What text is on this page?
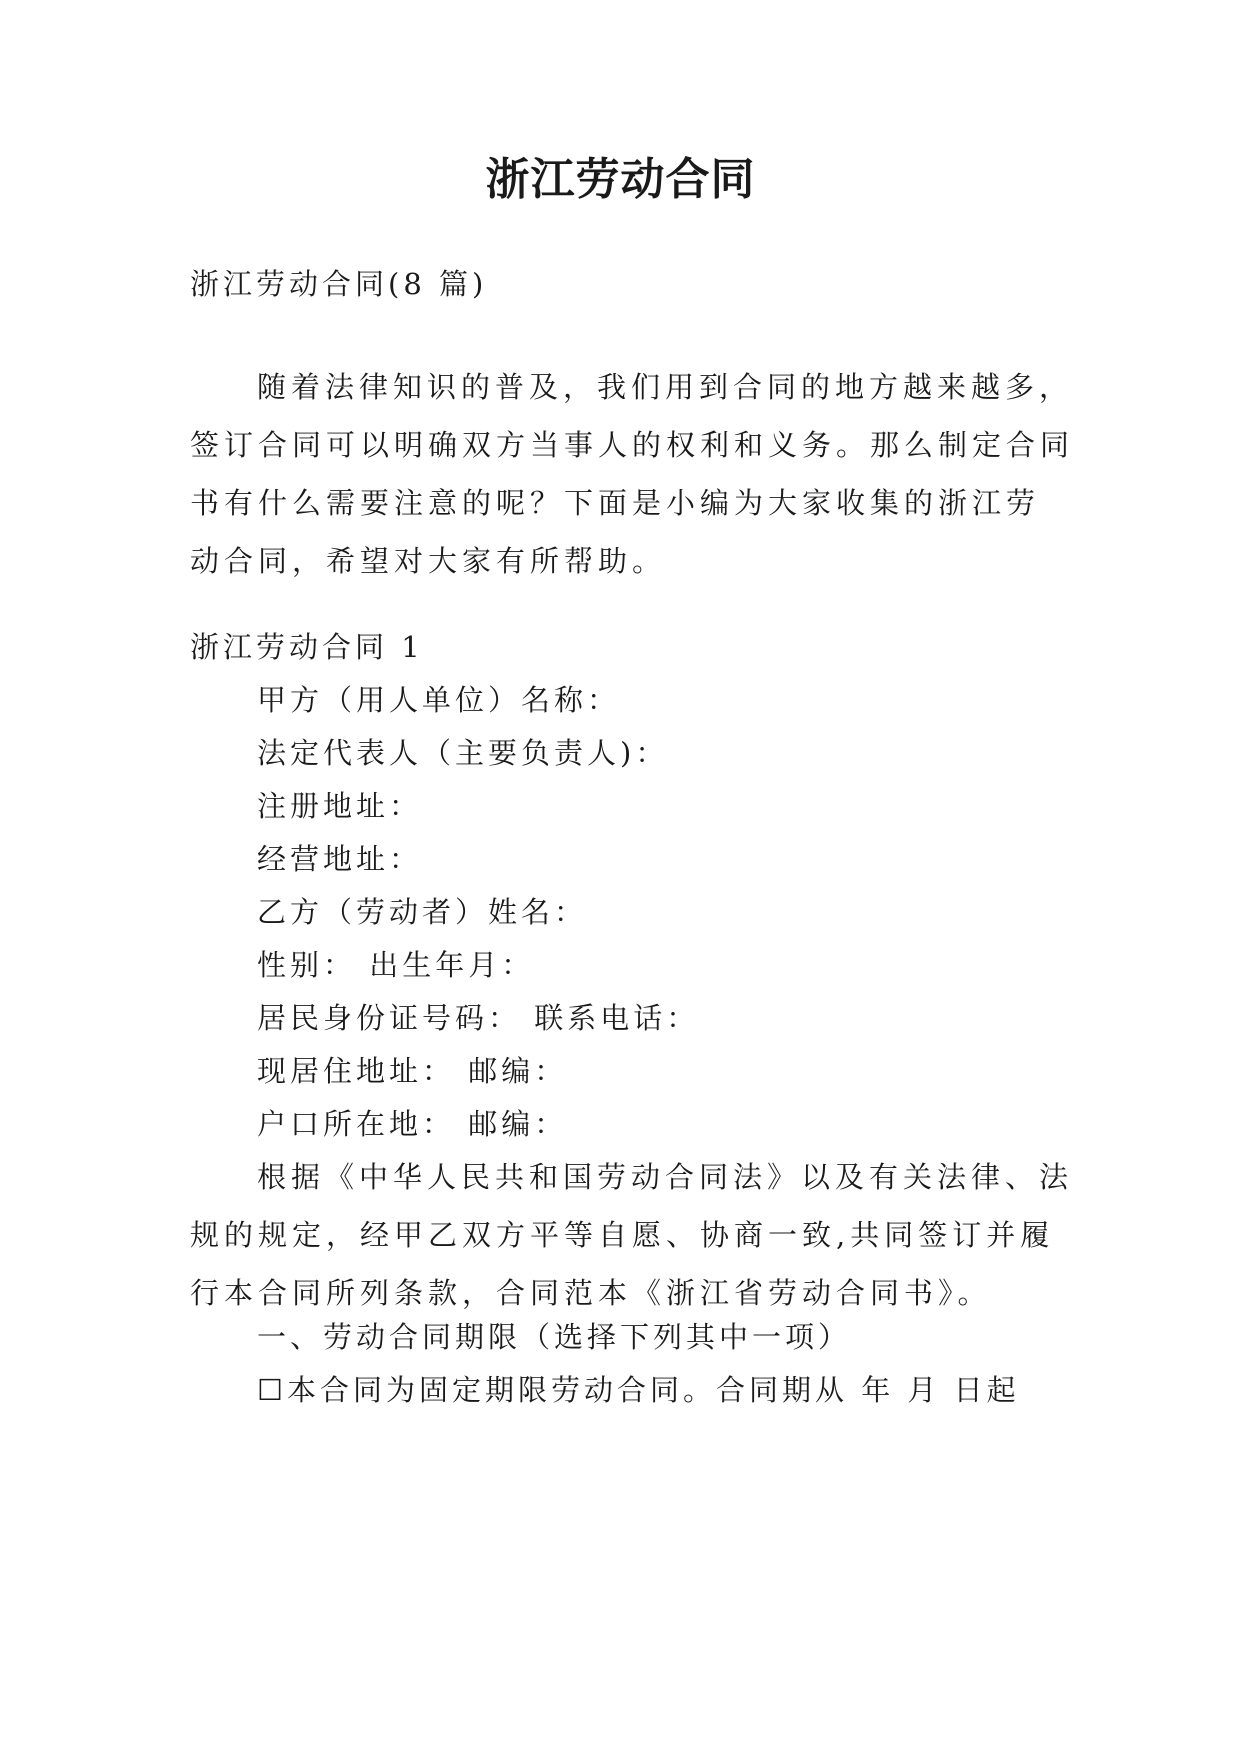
浙江劳动合同

浙江劳动合同(8 篇)

随着法律知识的普及，我们用到合同的地方越来越多，
签订合同可以明确双方当事人的权利和义务。那么制定合同
书有什么需要注意的呢？下面是小编为大家收集的浙江劳
动合同，希望对大家有所帮助。

浙江劳动合同 1

甲方（用人单位）名称：

法定代表人（主要负责人)：

注册地址：

经营地址：

乙方（劳动者）姓名：

性别： 出生年月：

居民身份证号码： 联系电话：

现居住地址： 邮编：

户口所在地： 邮编：

根据《中华人民共和国劳动合同法》以及有关法律、法
规的规定，经甲乙双方平等自愿、协商一致,共同签订并履
行本合同所列条款，合同范本《浙江省劳动合同书》。

一、劳动合同期限（选择下列其中一项）

☐本合同为固定期限劳动合同。合同期从 年 月 日起
